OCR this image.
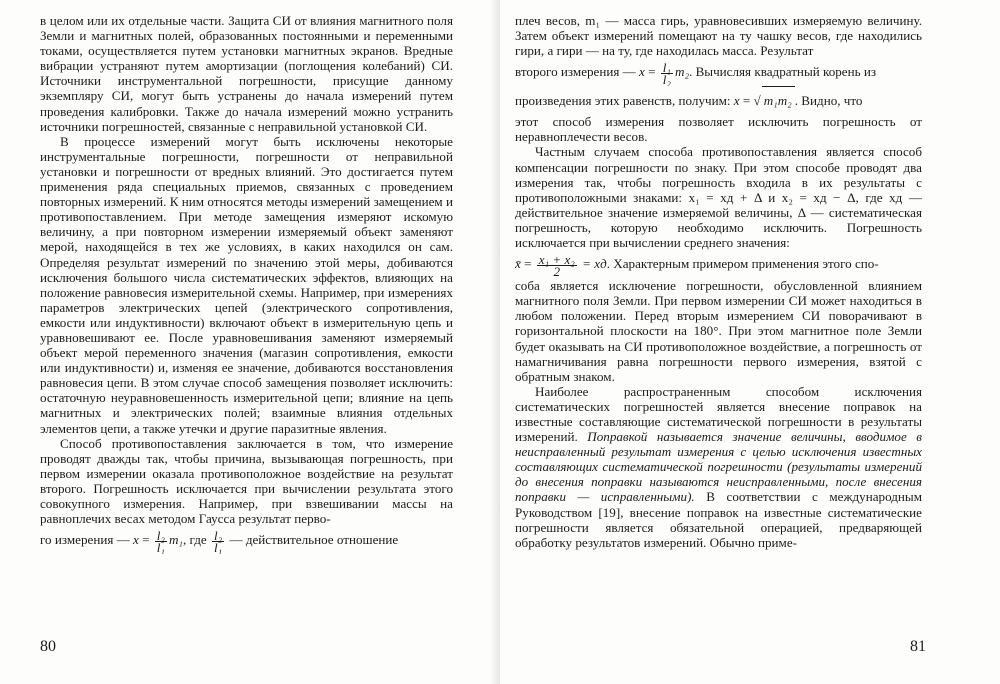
в целом или их отдельные части. Защита СИ от влияния магнитного поля Земли и магнитных полей, образованных постоянными и переменными токами, осуществляется путем установки магнитных экранов. Вредные вибрации устраняют путем амортизации (поглощения колебаний) СИ. Источники инструментальной погрешности, присущие данному экземпляру СИ, могут быть устранены до начала измерений путем проведения калибровки. Также до начала измерений можно устранить источники погрешностей, связанные с неправильной установкой СИ.

В процессе измерений могут быть исключены некоторые инструментальные погрешности, погрешности от неправильной установки и погрешности от вредных влияний. Это достигается путем применения ряда специальных приемов, связанных с проведением повторных измерений. К ним относятся методы измерений замещением и противопоставлением. При методе замещения измеряют искомую величину, а при повторном измерении измеряемый объект заменяют мерой, находящейся в тех же условиях, в каких находился он сам. Определяя результат измерений по значению этой меры, добиваются исключения большого числа систематических эффектов, влияющих на положение равновесия измерительной схемы. Например, при измерениях параметров электрических цепей (электрического сопротивления, емкости или индуктивности) включают объект в измерительную цепь и уравновешивают ее. После уравновешивания заменяют измеряемый объект мерой переменного значения (магазин сопротивления, емкости или индуктивности) и, изменяя ее значение, добиваются восстановления равновесия цепи. В этом случае способ замещения позволяет исключить: остаточную неуравновешенность измерительной цепи; влияние на цепь магнитных и электрических полей; взаимные влияния отдельных элементов цепи, а также утечки и другие паразитные явления.

Способ противопоставления заключается в том, что измерение проводят дважды так, чтобы причина, вызывающая погрешность, при первом измерении оказала противоположное воздействие на результат второго. Погрешность исключается при вычислении результата этого совокупного измерения. Например, при взвешивании массы на равноплечих весах методом Гаусса результат перво-

го измерения — $x = \frac{\text{l₂}}{\text{l₁}} m_1$, где $\frac{\text{l₂}}{\text{l₁}}$ — действительное отношение
80

плеч весов, m₁ — масса гирь, уравновесивших измеряемую величину. Затем объект измерений помещают на ту чашку весов, где находились гири, а гири — на ту, где находилась масса. Результат

второго измерения — $x = \frac{\text{l₁}}{\text{l₂}} m_2$. Вычисляя квадратный корень из
произведения этих равенств, получим: x = √ m₁m₂ . Видно, что

этот способ измерения позволяет исключить погрешность от неравноплечести весов.

Частным случаем способа противопоставления является способ компенсации погрешности по знаку. При этом способе проводят два измерения так, чтобы погрешность входила в их результаты с противоположными знаками: x₁ = xд + Δ и x₂ = xд − Δ, где xд — действительное значение измеряемой величины, Δ — систематическая погрешность, которую необходимо исключить. Погрешность исключается при вычислении среднего значения:

x̄ = $\frac{\text{x₁ + x₂}}{2}$ = xд. Характерным примером применения этого спо-

соба является исключение погрешности, обусловленной влиянием магнитного поля Земли. При первом измерении СИ может находиться в любом положении. Перед вторым измерением СИ поворачивают в горизонтальной плоскости на 180°. При этом магнитное поле Земли будет оказывать на СИ противоположное воздействие, а погрешность от намагничивания равна погрешности первого измерения, взятой с обратным знаком.

Наиболее распространенным способом исключения систематических погрешностей является внесение поправок на известные составляющие систематической погрешности в результаты измерений. Поправкой называется значение величины, вводимое в неисправленный результат измерения с целью исключения известных составляющих систематической погрешности (результаты измерений до внесения поправки называются неисправленными, после внесения поправки — исправленными). В соответствии с международным Руководством [19], внесение поправок на известные систематические погрешности является обязательной операцией, предваряющей обработку результатов измерений. Обычно приме-

81
